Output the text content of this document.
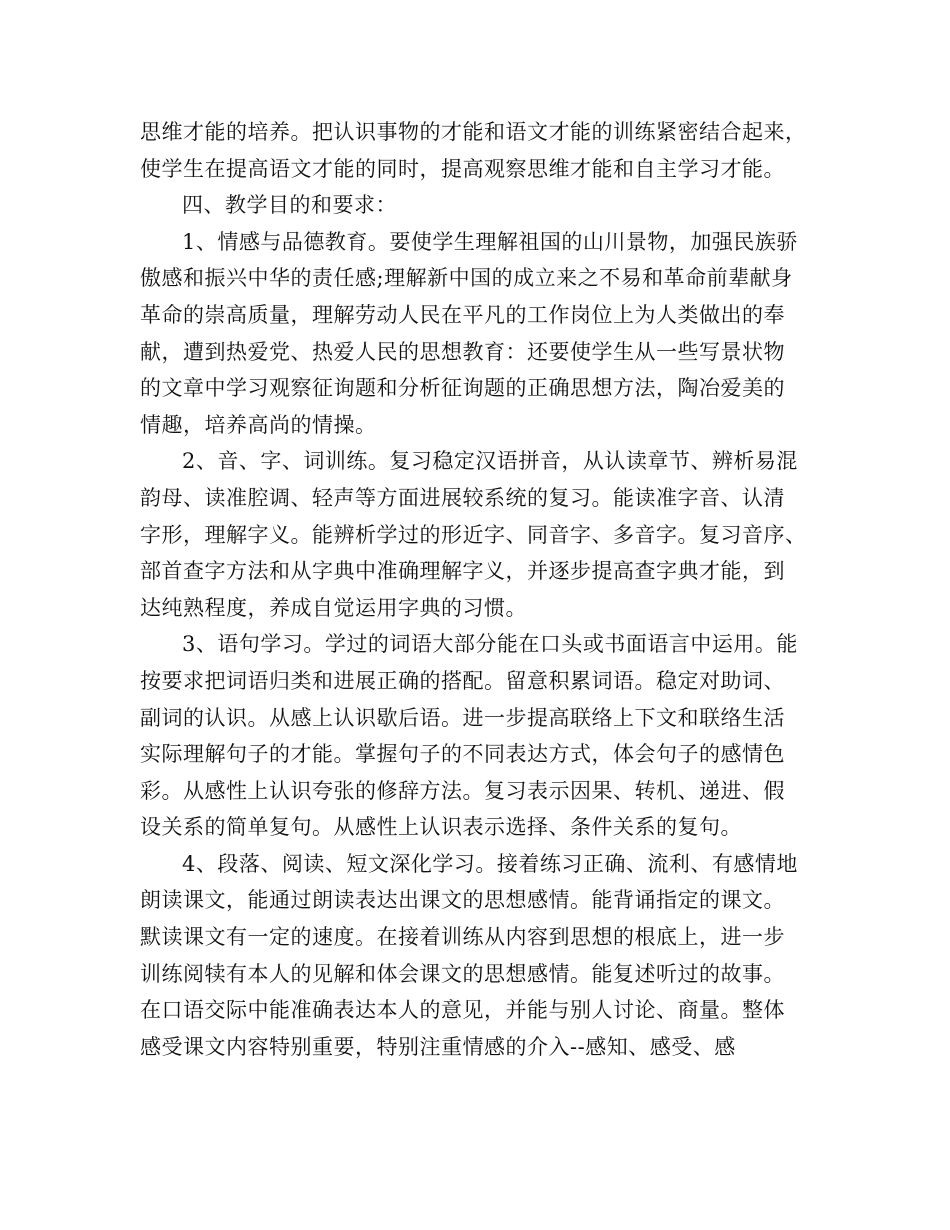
思维才能的培养。把认识事物的才能和语文才能的训练紧密结合起来，
使学生在提高语文才能的同时，提高观察思维才能和自主学习才能。
四、教学目的和要求：
1、情感与品德教育。要使学生理解祖国的山川景物，加强民族骄
傲感和振兴中华的责任感;理解新中国的成立来之不易和革命前辈献身
革命的崇高质量，理解劳动人民在平凡的工作岗位上为人类做出的奉
献，遭到热爱党、热爱人民的思想教育：还要使学生从一些写景状物
的文章中学习观察征询题和分析征询题的正确思想方法，陶冶爱美的
情趣，培养高尚的情操。
2、音、字、词训练。复习稳定汉语拼音，从认读章节、辨析易混
韵母、读准腔调、轻声等方面进展较系统的复习。能读准字音、认清
字形，理解字义。能辨析学过的形近字、同音字、多音字。复习音序、
部首查字方法和从字典中准确理解字义，并逐步提高查字典才能，到
达纯熟程度，养成自觉运用字典的习惯。
3、语句学习。学过的词语大部分能在口头或书面语言中运用。能
按要求把词语归类和进展正确的搭配。留意积累词语。稳定对助词、
副词的认识。从感上认识歇后语。进一步提高联络上下文和联络生活
实际理解句子的才能。掌握句子的不同表达方式，体会句子的感情色
彩。从感性上认识夸张的修辞方法。复习表示因果、转机、递进、假
设关系的简单复句。从感性上认识表示选择、条件关系的复句。
4、段落、阅读、短文深化学习。接着练习正确、流利、有感情地
朗读课文，能通过朗读表达出课文的思想感情。能背诵指定的课文。
默读课文有一定的速度。在接着训练从内容到思想的根底上，进一步
训练阅犊有本人的见解和体会课文的思想感情。能复述听过的故事。
在口语交际中能准确表达本人的意见，并能与别人讨论、商量。整体
感受课文内容特别重要，特别注重情感的介入--感知、感受、感
